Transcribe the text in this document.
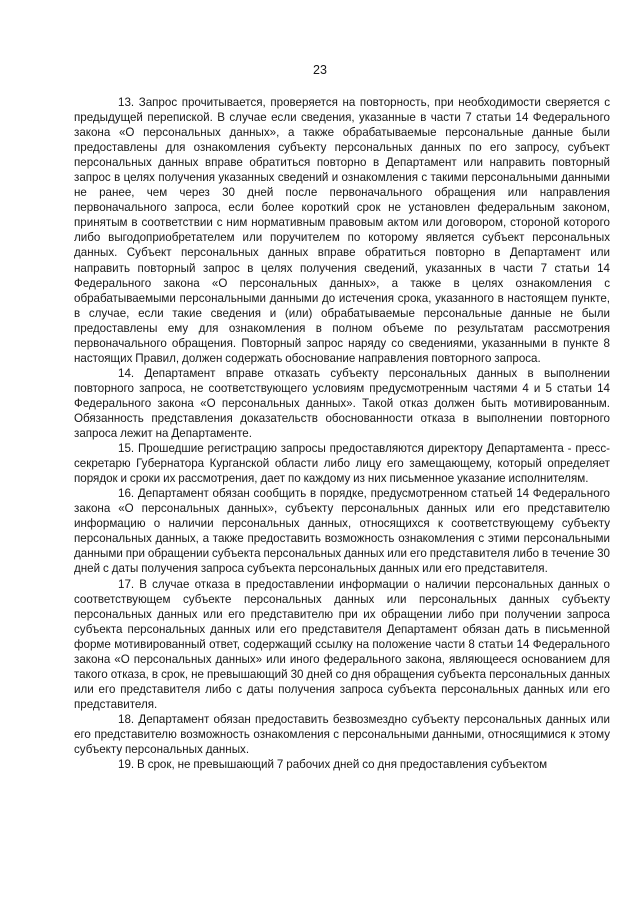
23

13. Запрос прочитывается, проверяется на повторность, при необходимости сверяется с предыдущей перепиской. В случае если сведения, указанные в части 7 статьи 14 Федерального закона «О персональных данных», а также обрабатываемые персональные данные были предоставлены для ознакомления субъекту персональных данных по его запросу, субъект персональных данных вправе обратиться повторно в Департамент или направить повторный запрос в целях получения указанных сведений и ознакомления с такими персональными данными не ранее, чем через 30 дней после первоначального обращения или направления первоначального запроса, если более короткий срок не установлен федеральным законом, принятым в соответствии с ним нормативным правовым актом или договором, стороной которого либо выгодоприобретателем или поручителем по которому является субъект персональных данных. Субъект персональных данных вправе обратиться повторно в Департамент или направить повторный запрос в целях получения сведений, указанных в части 7 статьи 14 Федерального закона «О персональных данных», а также в целях ознакомления с обрабатываемыми персональными данными до истечения срока, указанного в настоящем пункте, в случае, если такие сведения и (или) обрабатываемые персональные данные не были предоставлены ему для ознакомления в полном объеме по результатам рассмотрения первоначального обращения. Повторный запрос наряду со сведениями, указанными в пункте 8 настоящих Правил, должен содержать обоснование направления повторного запроса.

14. Департамент вправе отказать субъекту персональных данных в выполнении повторного запроса, не соответствующего условиям предусмотренным частями 4 и 5 статьи 14 Федерального закона «О персональных данных». Такой отказ должен быть мотивированным. Обязанность представления доказательств обоснованности отказа в выполнении повторного запроса лежит на Департаменте.

15. Прошедшие регистрацию запросы предоставляются директору Департамента - пресс-секретарю Губернатора Курганской области либо лицу его замещающему, который определяет порядок и сроки их рассмотрения, дает по каждому из них письменное указание исполнителям.

16. Департамент обязан сообщить в порядке, предусмотренном статьей 14 Федерального закона «О персональных данных», субъекту персональных данных или его представителю информацию о наличии персональных данных, относящихся к соответствующему субъекту персональных данных, а также предоставить возможность ознакомления с этими персональными данными при обращении субъекта персональных данных или его представителя либо в течение 30 дней с даты получения запроса субъекта персональных данных или его представителя.

17. В случае отказа в предоставлении информации о наличии персональных данных о соответствующем субъекте персональных данных или персональных данных субъекту персональных данных или его представителю при их обращении либо при получении запроса субъекта персональных данных или его представителя Департамент обязан дать в письменной форме мотивированный ответ, содержащий ссылку на положение части 8 статьи 14 Федерального закона «О персональных данных» или иного федерального закона, являющееся основанием для такого отказа, в срок, не превышающий 30 дней со дня обращения субъекта персональных данных или его представителя либо с даты получения запроса субъекта персональных данных или его представителя.

18. Департамент обязан предоставить безвозмездно субъекту персональных данных или его представителю возможность ознакомления с персональными данными, относящимися к этому субъекту персональных данных.

19. В срок, не превышающий 7 рабочих дней со дня предоставления субъектом
